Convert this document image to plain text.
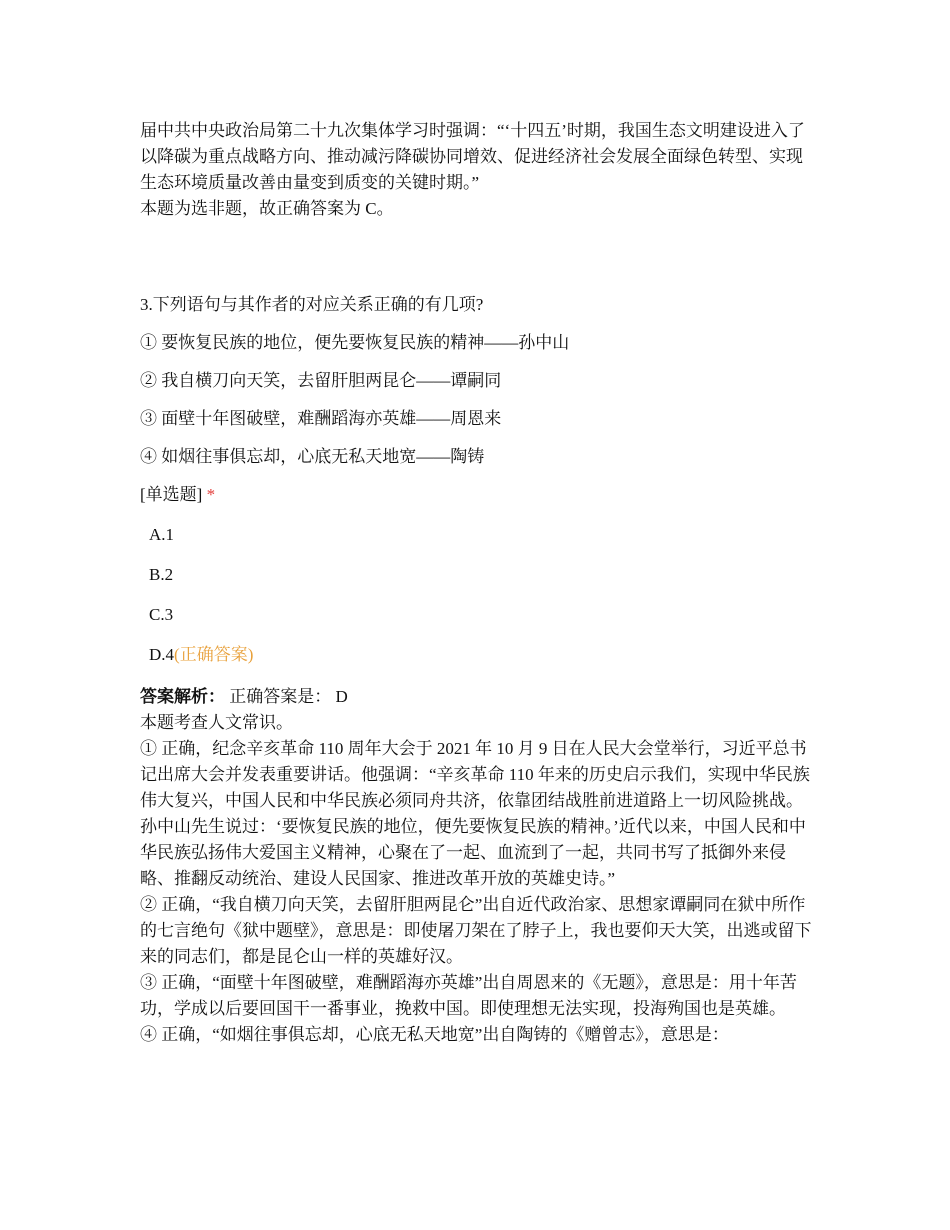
届中共中央政治局第二十九次集体学习时强调：“‘十四五’时期，我国生态文明建设进入了以降碳为重点战略方向、推动减污降碳协同增效、促进经济社会发展全面绿色转型、实现生态环境质量改善由量变到质变的关键时期。”

本题为选非题，故正确答案为 C。

3.下列语句与其作者的对应关系正确的有几项?

① 要恢复民族的地位，便先要恢复民族的精神——孙中山

② 我自横刀向天笑，去留肝胆两昆仑——谭嗣同

③ 面壁十年图破壁，难酬蹈海亦英雄——周恩来

④ 如烟往事俱忘却，心底无私天地宽——陶铸

[单选题] *
A.1
B.2
C.3
D.4(正确答案)
答案解析： 正确答案是： D

本题考查人文常识。

① 正确，纪念辛亥革命 110 周年大会于 2021 年 10 月 9 日在人民大会堂举行，习近平总书记出席大会并发表重要讲话。他强调：“辛亥革命 110 年来的历史启示我们，实现中华民族伟大复兴，中国人民和中华民族必须同舟共济，依靠团结战胜前进道路上一切风险挑战。孙中山先生说过：‘要恢复民族的地位，便先要恢复民族的精神。’近代以来，中国人民和中华民族弘扬伟大爱国主义精神，心聚在了一起、血流到了一起，共同书写了抵御外来侵略、推翻反动统治、建设人民国家、推进改革开放的英雄史诗。”

② 正确，“我自横刀向天笑，去留肝胆两昆仑”出自近代政治家、思想家谭嗣同在狱中所作的七言绝句《狱中题壁》，意思是：即使屠刀架在了脖子上，我也要仰天大笑，出逃或留下来的同志们，都是昆仑山一样的英雄好汉。

③ 正确，“面壁十年图破壁，难酬蹈海亦英雄”出自周恩来的《无题》，意思是：用十年苦功，学成以后要回国干一番事业，挽救中国。即使理想无法实现，投海殉国也是英雄。

④ 正确，“如烟往事俱忘却，心底无私天地宽”出自陶铸的《赠曾志》，意思是：
